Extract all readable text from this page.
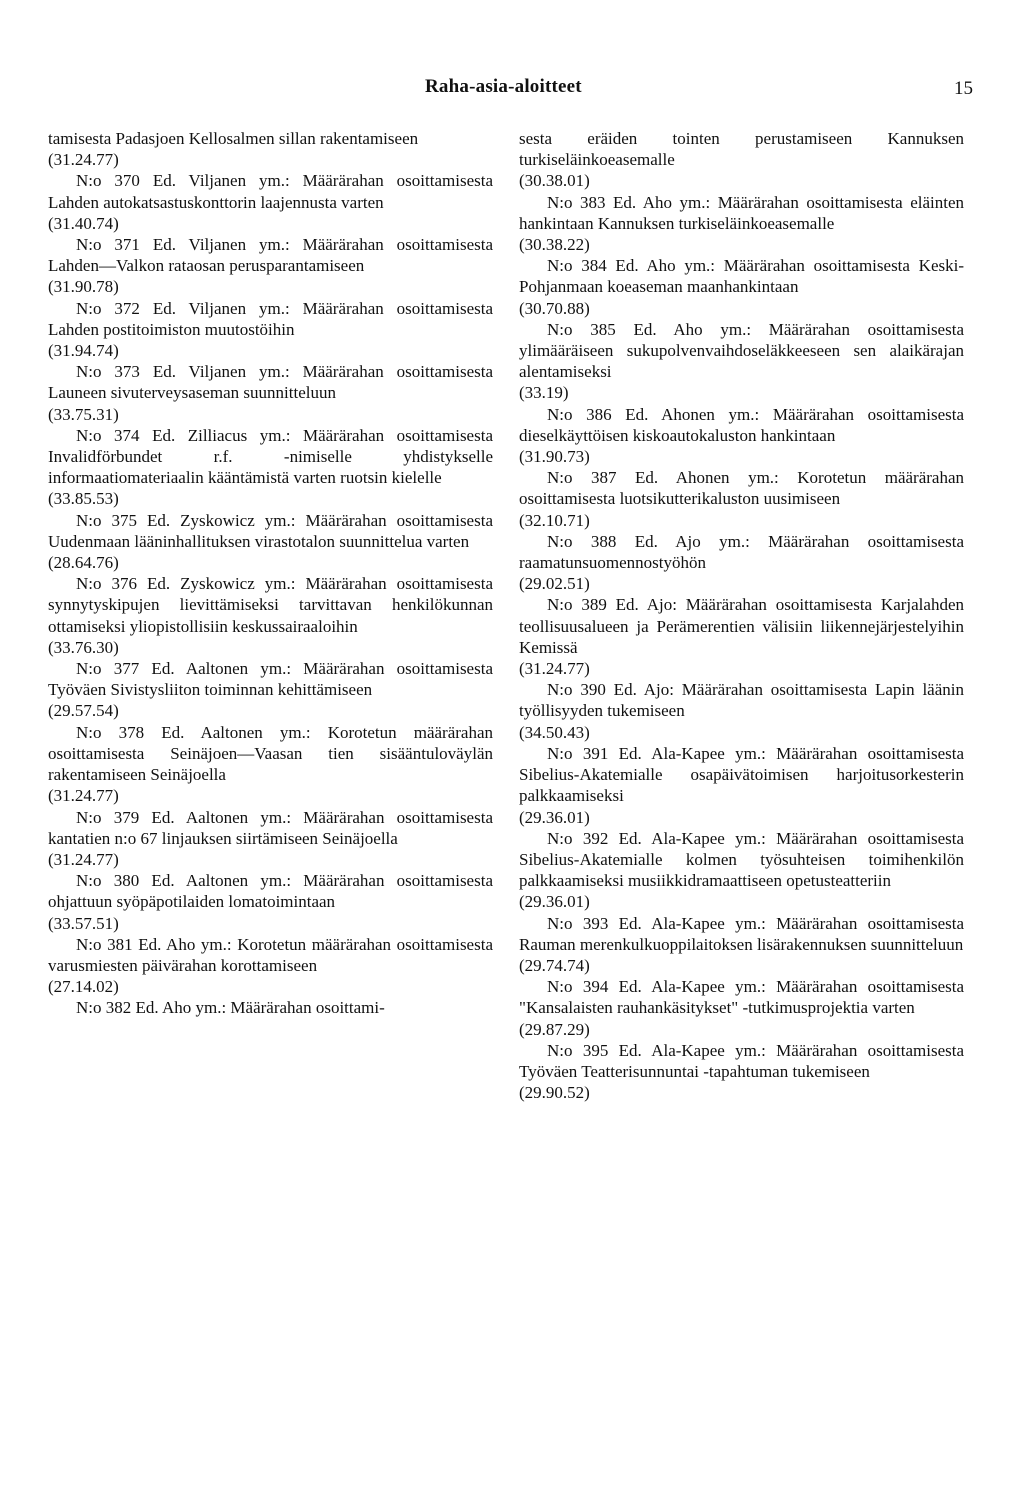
Raha-asia-aloitteet	15
tamisesta Padasjoen Kellosalmen sillan rakentamiseen
(31.24.77)
N:o 370 Ed. Viljanen ym.: Määrärahan osoittamisesta Lahden autokatsastuskonttorin laajennusta varten
(31.40.74)
N:o 371 Ed. Viljanen ym.: Määrärahan osoittamisesta Lahden—Valkon rataosan perusparantamiseen
(31.90.78)
N:o 372 Ed. Viljanen ym.: Määrärahan osoittamisesta Lahden postitoimiston muutostöihin
(31.94.74)
N:o 373 Ed. Viljanen ym.: Määrärahan osoittamisesta Launeen sivuterveysaseman suunnitteluun
(33.75.31)
N:o 374 Ed. Zilliacus ym.: Määrärahan osoittamisesta Invalidförbundet r.f. -nimiselle yhdistykselle informaatiomateriaalin kääntämistä varten ruotsin kielelle
(33.85.53)
N:o 375 Ed. Zyskowicz ym.: Määrärahan osoittamisesta Uudenmaan lääninhallituksen virastotalon suunnittelua varten
(28.64.76)
N:o 376 Ed. Zyskowicz ym.: Määrärahan osoittamisesta synnytyskipujen lievittämiseksi tarvittavan henkilökunnan ottamiseksi yliopistollisiin keskussairaaloihin
(33.76.30)
N:o 377 Ed. Aaltonen ym.: Määrärahan osoittamisesta Työväen Sivistysliiton toiminnan kehittämiseen
(29.57.54)
N:o 378 Ed. Aaltonen ym.: Korotetun määrärahan osoittamisesta Seinäjoen—Vaasan tien sisääntuloväylän rakentamiseen Seinäjoella
(31.24.77)
N:o 379 Ed. Aaltonen ym.: Määrärahan osoittamisesta kantatien n:o 67 linjauksen siirtämiseen Seinäjoella
(31.24.77)
N:o 380 Ed. Aaltonen ym.: Määrärahan osoittamisesta ohjattuun syöpäpotilaiden lomatoimintaan
(33.57.51)
N:o 381 Ed. Aho ym.: Korotetun määrärahan osoittamisesta varusmiesten päivärahan korottamiseen
(27.14.02)
N:o 382 Ed. Aho ym.: Määrärahan osoittami-
sesta eräiden tointen perustamiseen Kannuksen turkiseläinkoeasemalle
(30.38.01)
N:o 383 Ed. Aho ym.: Määrärahan osoittamisesta eläinten hankintaan Kannuksen turkiseläinkoeasemalle
(30.38.22)
N:o 384 Ed. Aho ym.: Määrärahan osoittamisesta Keski-Pohjanmaan koeaseman maanhankintaan
(30.70.88)
N:o 385 Ed. Aho ym.: Määrärahan osoittamisesta ylimääräiseen sukupolvenvaihdoseläkkeeseen sen alaikärajan alentamiseksi
(33.19)
N:o 386 Ed. Ahonen ym.: Määrärahan osoittamisesta dieselkäyttöisen kiskoautokaluston hankintaan
(31.90.73)
N:o 387 Ed. Ahonen ym.: Korotetun määrärahan osoittamisesta luotsikutterikaluston uusimiseen
(32.10.71)
N:o 388 Ed. Ajo ym.: Määrärahan osoittamisesta raamatunsuomennostyöhön
(29.02.51)
N:o 389 Ed. Ajo: Määrärahan osoittamisesta Karjalahden teollisuusalueen ja Perämerentien välisiin liikennejärjestelyihin Kemissä
(31.24.77)
N:o 390 Ed. Ajo: Määrärahan osoittamisesta Lapin läänin työllisyyden tukemiseen
(34.50.43)
N:o 391 Ed. Ala-Kapee ym.: Määrärahan osoittamisesta Sibelius-Akatemialle osapäivätoimisen harjoitusorkesterin palkkaamiseksi
(29.36.01)
N:o 392 Ed. Ala-Kapee ym.: Määrärahan osoittamisesta Sibelius-Akatemialle kolmen työsuhteisen toimihenkilön palkkaamiseksi musiikkidramaattiseen opetusteatteriin
(29.36.01)
N:o 393 Ed. Ala-Kapee ym.: Määrärahan osoittamisesta Rauman merenkulkuoppilaitoksen lisärakennuksen suunnitteluun
(29.74.74)
N:o 394 Ed. Ala-Kapee ym.: Määrärahan osoittamisesta "Kansalaisten rauhankäsitykset" -tutkimusprojektia varten
(29.87.29)
N:o 395 Ed. Ala-Kapee ym.: Määrärahan osoittamisesta Työväen Teatterisunnuntai -tapahtuman tukemiseen
(29.90.52)
